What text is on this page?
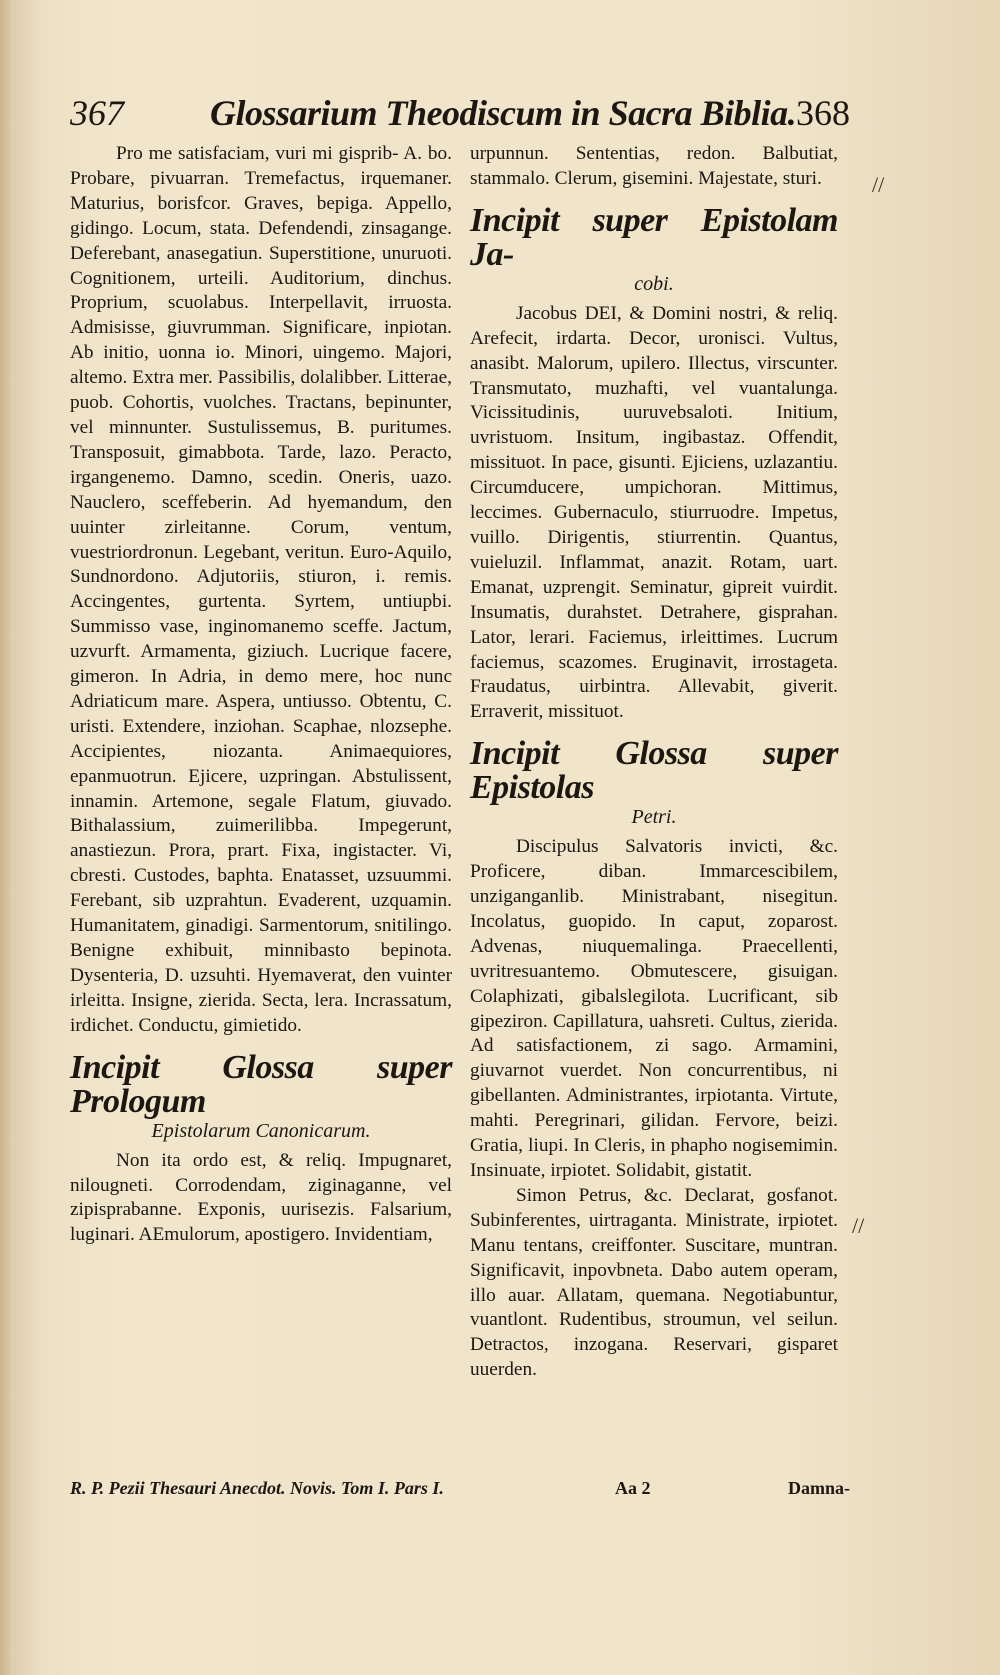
367 Glossarium Theodiscum in Sacra Biblia. 368

Pro me satisfaciam, vuri mi gisprib- A. bo. Probare, pivuarran. Tremefactus, irquemaner. Maturius, borisfcor. Graves, bepiga. Appello, gidingo. Locum, stata. Defendendi, zinsagange. Deferebant, anasegatiun. Superstitione, unuruoti. Cognitionem, urteili. Auditorium, dinchus. Proprium, scuolabus. Interpellavit, irruosta. Admisisse, giuvrumman. Significare, inpiotan. Ab initio, uonna io. Minori, uingemo. Majori, altemo. Extra mer. Passibilis, dolalibber. Litterae, puob. Cohortis, vuolches. Tractans, bepinunter, vel minnunter. Sustulissemus, B. puritumes. Transposuit, gimabbota. Tarde, lazo. Peracto, irgangenemo. Damno, scedin. Oneris, uazo. Nauclero, sceffeberin. Ad hyemandum, den uuinter zirleitanne. Corum, ventum, vuestriordronun. Legebant, veritun. Euro-Aquilo, Sundnordono. Adjutoriis, stiuron, i. remis. Accingentes, gurtenta. Syrtem, untiupbi. Summisso vase, inginomanemo sceffe. Jactum, uzvurft. Armamenta, giziuch. Lucrique facere, gimeron. In Adria, in demo mere, hoc nunc Adriaticum mare. Aspera, untiusso. Obtentu, C. uristi. Extendere, inziohan. Scaphae, nlozsephe. Accipientes, niozanta. Animaequiores, epanmuotrun. Ejicere, uzpringan. Abstulissent, innamin. Artemone, segale Flatum, giuvado. Bithalassium, zuimerilibba. Impegerunt, anastiezun. Prora, prart. Fixa, ingistacter. Vi, cbresti. Custodes, baphta. Enatasset, uzsuummi. Ferebant, sib uzprahtun. Evaderent, uzquamin. Humanitatem, ginadigi. Sarmentorum, snitilingo. Benigne exhibuit, minnibasto bepinota. Dysenteria, D. uzsuhti. Hyemaverat, den vuinter irleitta. Insigne, zierida. Secta, lera. Incrassatum, irdichet. Conductu, gimietido.

Incipit Glossa super Prologum
Epistolarum Canonicarum.

Non ita ordo est, & reliq. Impugnaret, nilougneti. Corrodendam, ziginaganne, vel zipisprabanne. Exponis, uurisezis. Falsarium, luginari. AEmulorum, apostigero. Invidentiam,

urpunnun. Sententias, redon. Balbutiat, stammalo. Clerum, gisemini. Majestate, sturi.

Incipit super Epistolam Ja-
cobi.

Jacobus DEI, & Domini nostri, & reliq. Arefecit, irdarta. Decor, uronisci. Vultus, anasibt. Malorum, upilero. Illectus, virscunter. Transmutato, muzhafti, vel vuantalunga. Vicissitudinis, uuruvebsaloti. Initium, uvristuom. Insitum, ingibastaz. Offendit, missituot. In pace, gisunti. Ejiciens, uzlazantiu. Circumducere, umpichoran. Mittimus, leccimes. Gubernaculo, stiurruodre. Impetus, vuillo. Dirigentis, stiurrentin. Quantus, vuieluzil. Inflammat, anazit. Rotam, uart. Emanat, uzprengit. Seminatur, gipreit vuirdit. Insumatis, durahstet. Detrahere, gisprahan. Lator, lerari. Faciemus, irleittimes. Lucrum faciemus, scazomes. Eruginavit, irrostageta. Fraudatus, uirbintra. Allevabit, giverit. Erraverit, missituot.

Incipit Glossa super Epistolas
Petri.

Discipulus Salvatoris invicti, &c. Proficere, diban. Immarcescibilem, unziganganlib. Ministrabant, nisegitun. Incolatus, guopido. In caput, zoparost. Advenas, niuquemalinga. Praecellenti, uvritresuantemo. Obmutescere, gisuigan. Colaphizati, gibalslegilota. Lucrificant, sib gipeziron. Capillatura, uahsreti. Cultus, zierida. Ad satisfactionem, zi sago. Armamini, giuvarnot vuerdet. Non concurrentibus, ni gibellanten. Administrantes, irpiotanta. Virtute, mahti. Peregrinari, gilidan. Fervore, beizi. Gratia, liupi. In Cleris, in phapho nogisemimin. Insinuate, irpiotet. Solidabit, gistatit.

Simon Petrus, &c. Declarat, gosfanot. Subinferentes, uirtraganta. Ministrate, irpiotet. Manu tentans, creiffonter. Suscitare, muntran. Significavit, inpovbneta. Dabo autem operam, illo auar. Allatam, quemana. Negotiabuntur, vuantlont. Rudentibus, stroumun, vel seilun. Detractos, inzogana. Reservari, gisparet uuerden.

//
//
R. P. Pezii Thesauri Anecdot. Novis. Tom I. Pars I.	Aa 2	Damna-
